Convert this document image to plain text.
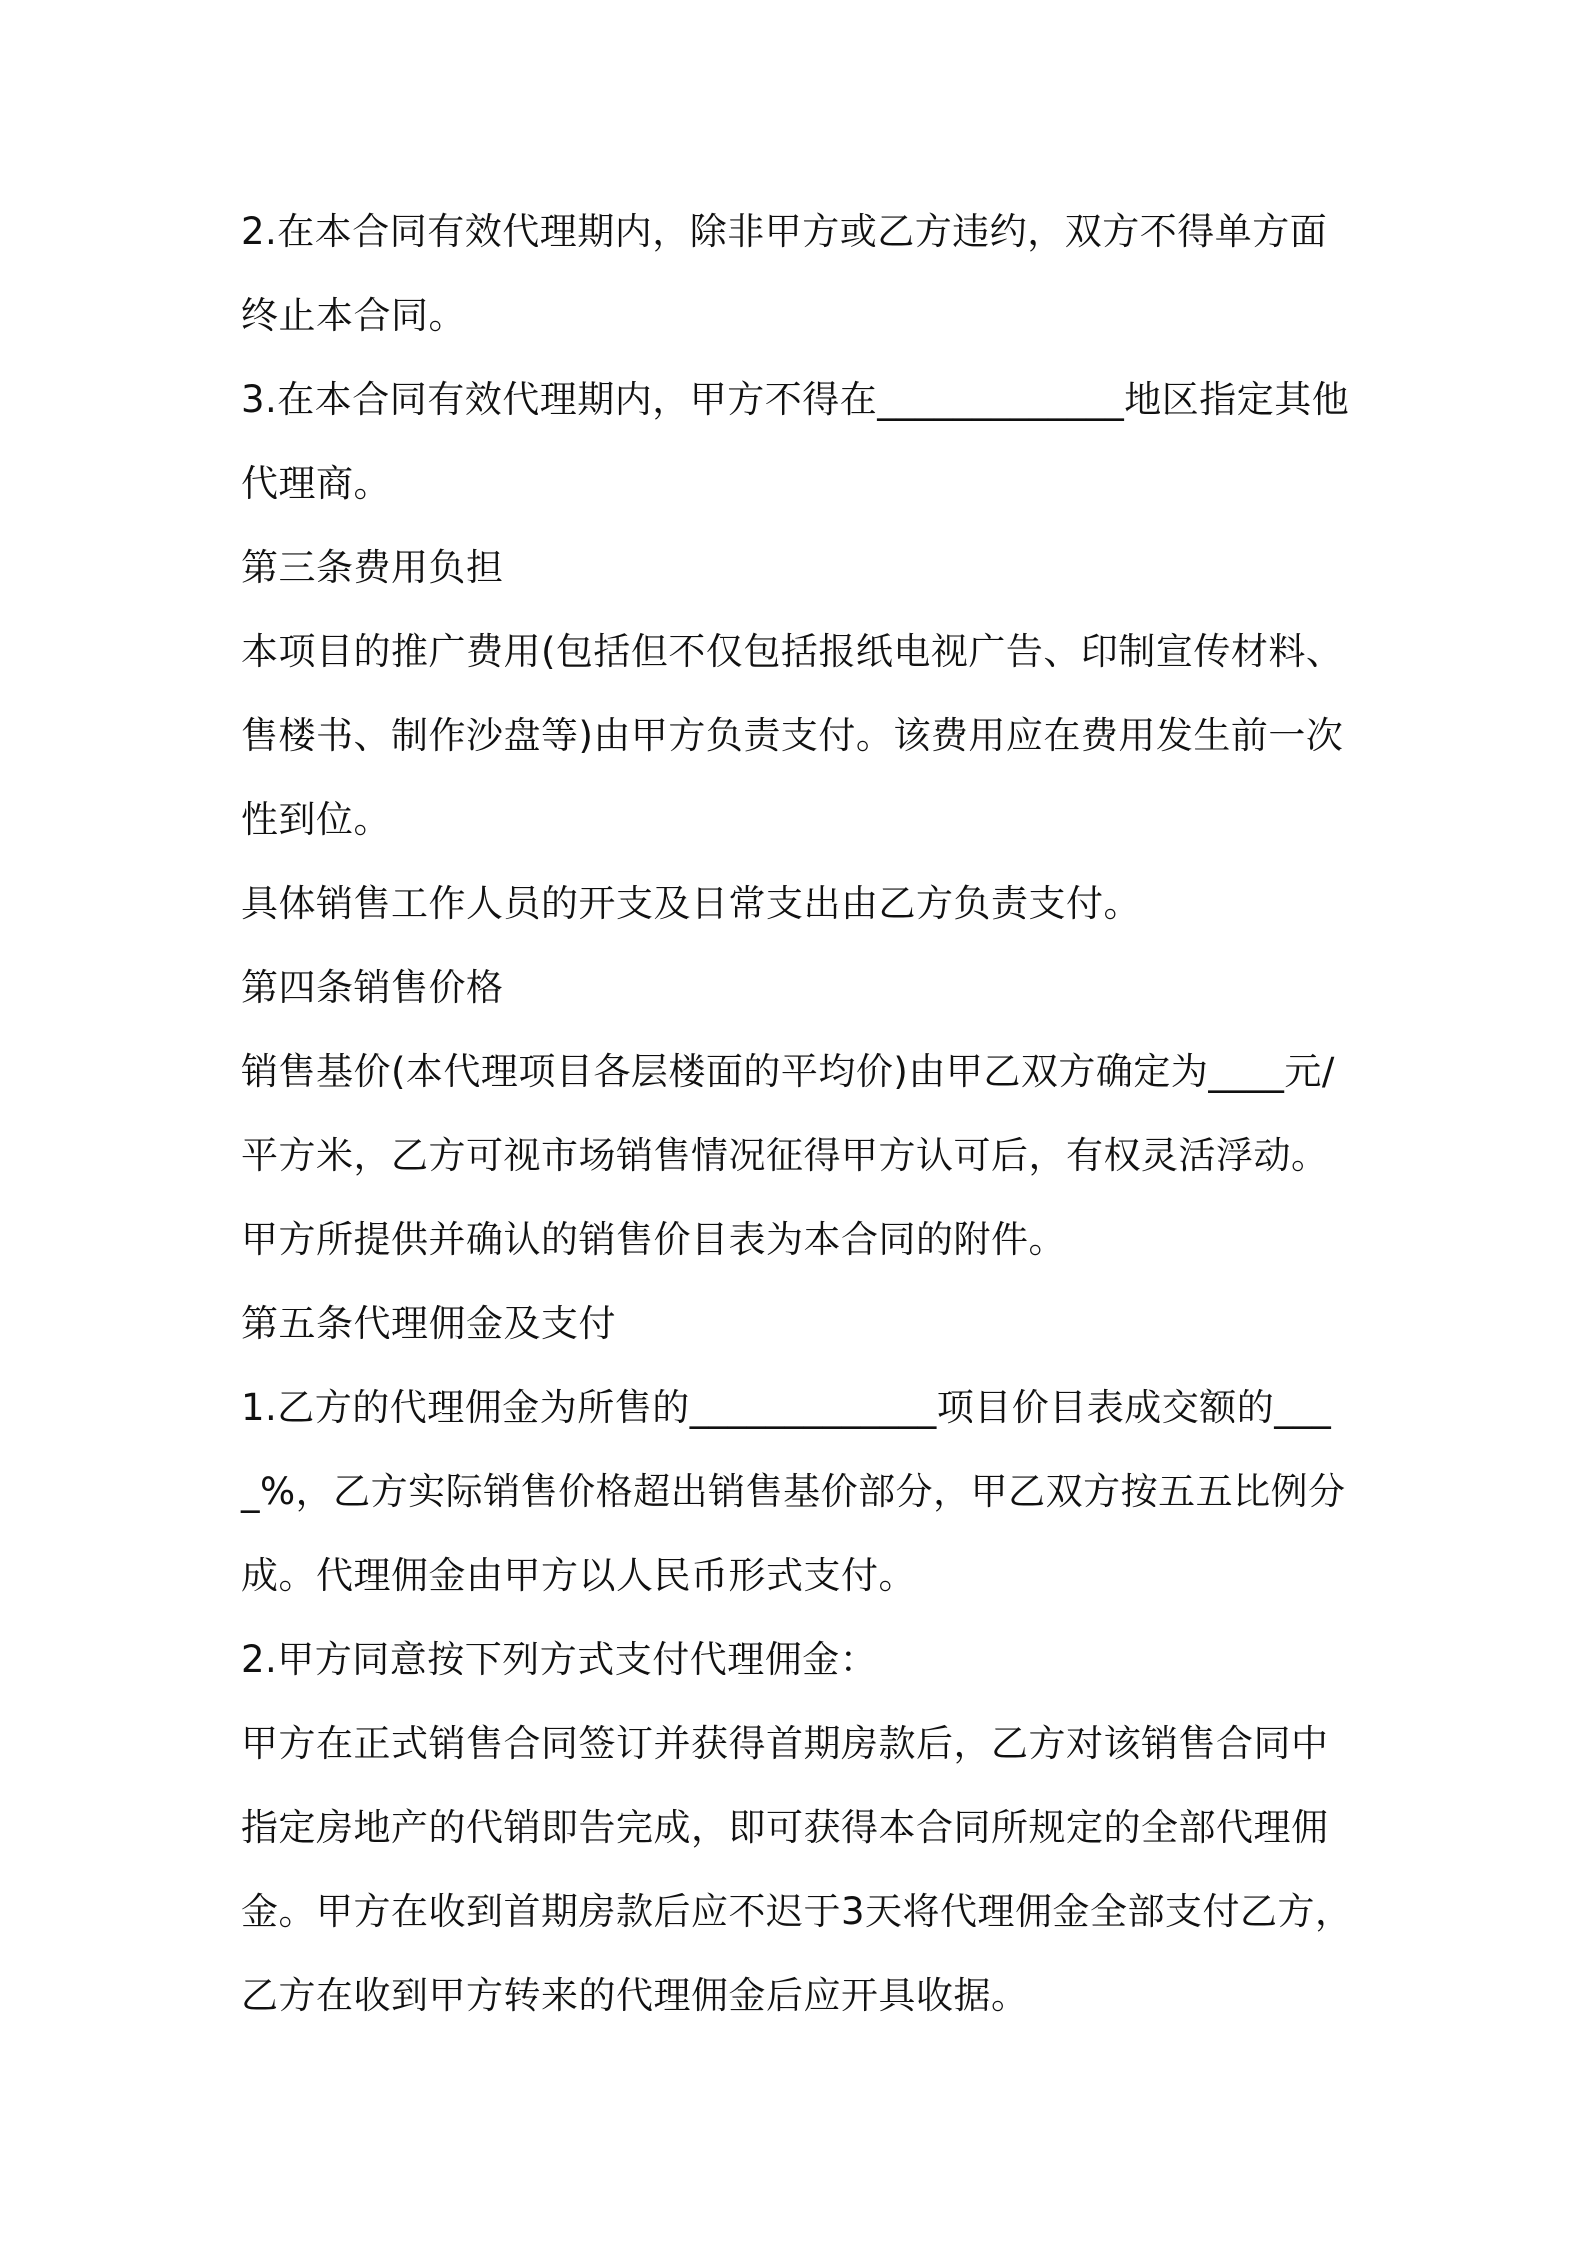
2.在本合同有效代理期内，除非甲方或乙方违约，双方不得单方面终止本合同。

3.在本合同有效代理期内，甲方不得在_____________地区指定其他代理商。

第三条费用负担

本项目的推广费用(包括但不仅包括报纸电视广告、印制宣传材料、售楼书、制作沙盘等)由甲方负责支付。该费用应在费用发生前一次性到位。

具体销售工作人员的开支及日常支出由乙方负责支付。

第四条销售价格

销售基价(本代理项目各层楼面的平均价)由甲乙双方确定为____元/平方米，乙方可视市场销售情况征得甲方认可后，有权灵活浮动。甲方所提供并确认的销售价目表为本合同的附件。

第五条代理佣金及支付

1.乙方的代理佣金为所售的_____________项目价目表成交额的____%，乙方实际销售价格超出销售基价部分，甲乙双方按五五比例分成。代理佣金由甲方以人民币形式支付。

2.甲方同意按下列方式支付代理佣金：

甲方在正式销售合同签订并获得首期房款后，乙方对该销售合同中指定房地产的代销即告完成，即可获得本合同所规定的全部代理佣金。甲方在收到首期房款后应不迟于3天将代理佣金全部支付乙方，乙方在收到甲方转来的代理佣金后应开具收据。
